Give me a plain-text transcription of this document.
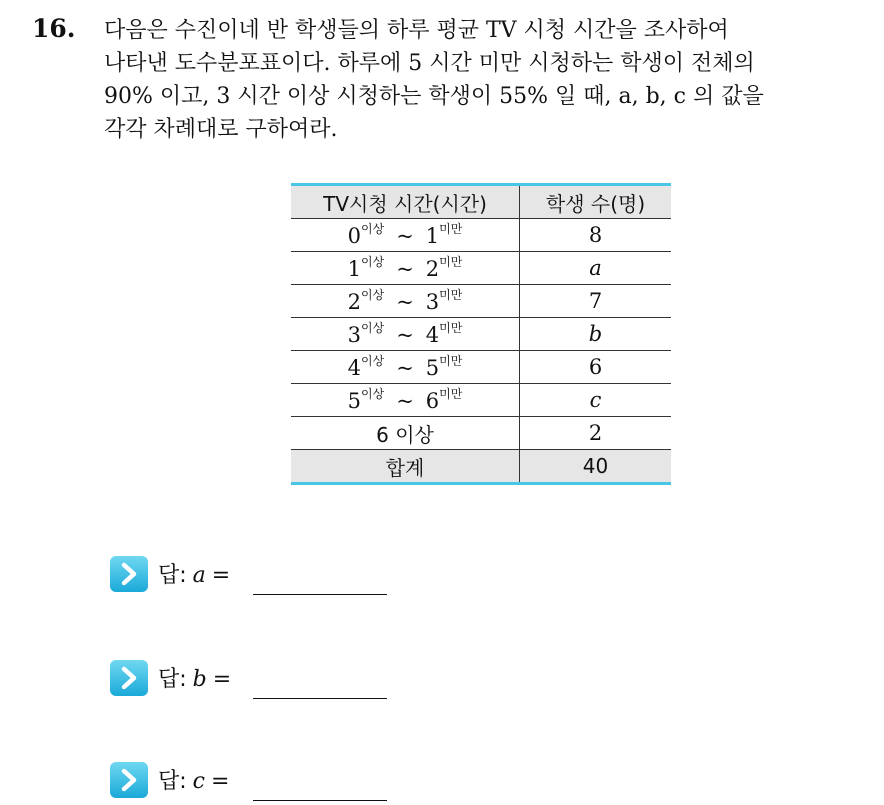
16. 다음은 수진이네 반 학생들의 하루 평균 TV 시청 시간을 조사하여
나타낸 도수분포표이다. 하루에 5 시간 미만 시청하는 학생이 전체의
90% 이고, 3 시간 이상 시청하는 학생이 55% 일 때, a, b, c 의 값을
각각 차례대로 구하여라.
TV시청 시간(시간)	학생 수(명)
$0^{이상}$ ~ $1^{미만}$	8
$1^{이상}$ ~ $2^{미만}$	a
$2^{이상}$ ~ $3^{미만}$	7
$3^{이상}$ ~ $4^{미만}$	b
$4^{이상}$ ~ $5^{미만}$	6
$5^{이상}$ ~ $6^{미만}$	c
6 이상	2
합계	40
답: a =
답: b =
답: c =
